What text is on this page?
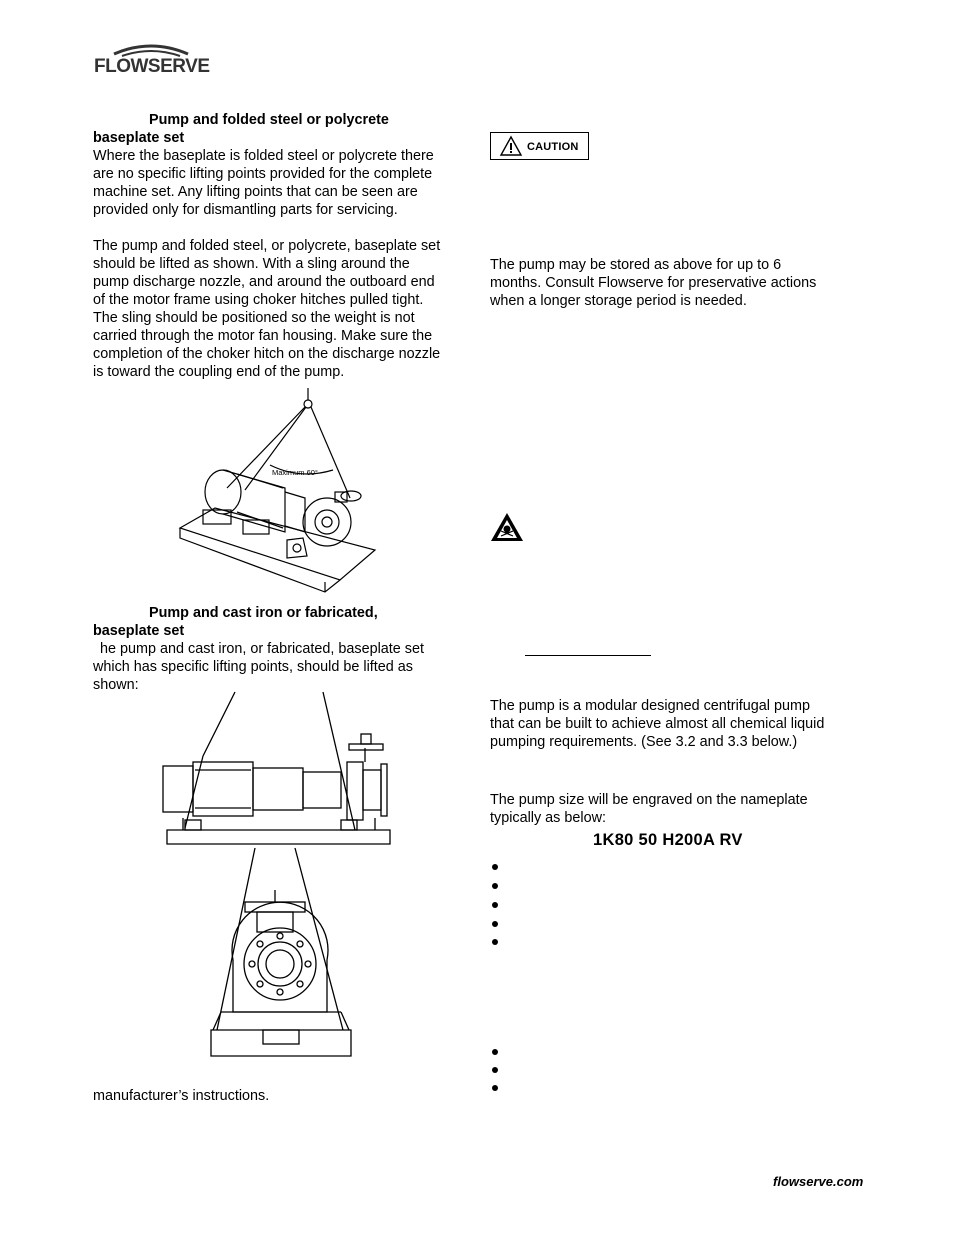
FLOWSERVE
Pump and folded steel or polycrete
baseplate set
Where the baseplate is folded steel or polycrete there
are no specific lifting points provided for the complete
machine set. Any lifting points that can be seen are
provided only for dismantling parts for servicing.
The pump and folded steel, or polycrete, baseplate set
should be lifted as shown. With a sling around the
pump discharge nozzle, and around the outboard end
of the motor frame using choker hitches pulled tight.
The sling should be positioned so the weight is not
carried through the motor fan housing. Make sure the
completion of the choker hitch on the discharge nozzle
is toward the coupling end of the pump.
Maximum 60°
Pump and cast iron or fabricated,
baseplate set
he pump and cast iron, or fabricated, baseplate set
which has specific lifting points, should be lifted as
shown:
manufacturer’s instructions.
CAUTION
The pump may be stored as above for up to 6
months. Consult Flowserve for preservative actions
when a longer storage period is needed.
The pump is a modular designed centrifugal pump
that can be built to achieve almost all chemical liquid
pumping requirements. (See 3.2 and 3.3 below.)
The pump size will be engraved on the nameplate
typically as below:
1K80 50 H200A RV
flowserve.com
